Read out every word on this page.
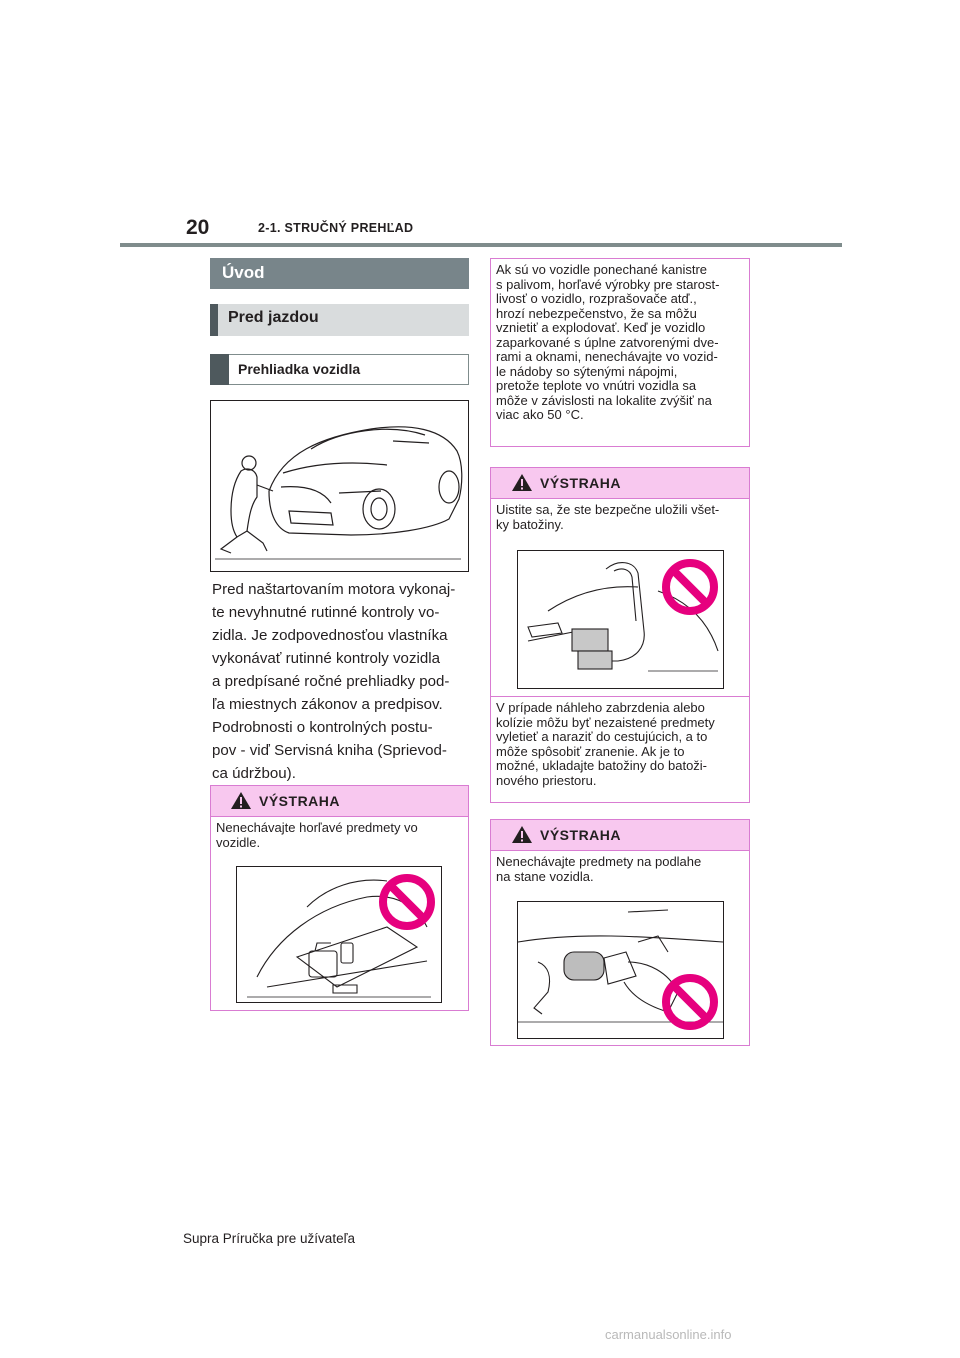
20	2-1. STRUČNÝ PREHĽAD
Úvod
Pred jazdou
Prehliadka vozidla

Pred naštartovaním motora vykonaj-

te nevyhnutné rutinné kontroly vo-

zidla. Je zodpovednosťou vlastníka

vykonávať rutinné kontroly vozidla

a predpísané ročné prehliadky pod-

ľa miestnych zákonov a predpisov.

Podrobnosti o kontrolných postu-

pov - viď Servisná kniha (Sprievod-

ca údržbou).

VÝSTRAHA
Nenechávajte horľavé predmety vo
vozidle.
Ak sú vo vozidle ponechané kanistre
s palivom, horľavé výrobky pre starost-
livosť o vozidlo, rozprašovače atď.,
hrozí nebezpečenstvo, že sa môžu
vznietiť a explodovať. Keď je vozidlo
zaparkované s úplne zatvorenými dve-
rami a oknami, nenechávajte vo vozid-
le nádoby so sýtenými nápojmi,
pretože teplote vo vnútri vozidla sa
môže v závislosti na lokalite zvýšiť na
viac ako 50 °C.
VÝSTRAHA
Uistite sa, že ste bezpečne uložili všet-
ky batožiny.
V prípade náhleho zabrzdenia alebo
kolízie môžu byť nezaistené predmety
vyletieť a naraziť do cestujúcich, a to
môže spôsobiť zranenie. Ak je to
možné, ukladajte batožiny do batoži-
nového priestoru.
VÝSTRAHA
Nenechávajte predmety na podlahe
na stane vozidla.
Supra Príručka pre užívateľa
carmanualsonline.info
